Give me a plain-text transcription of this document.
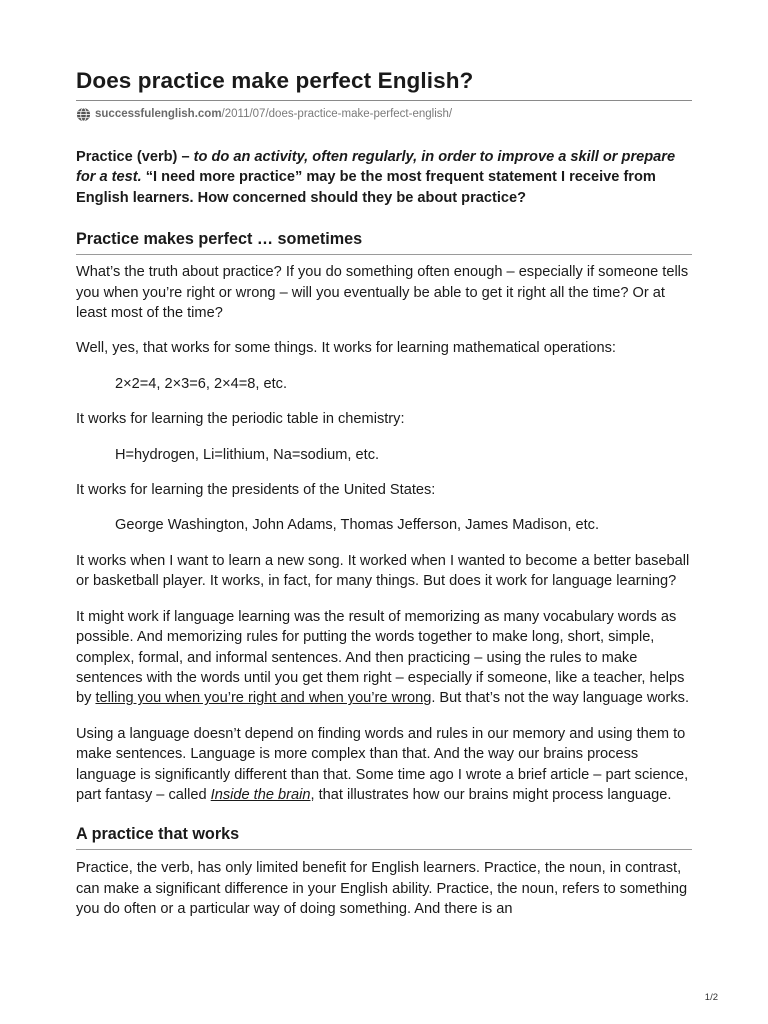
Does practice make perfect English?
successfulenglish.com /2011/07/does-practice-make-perfect-english/

Practice (verb) – to do an activity, often regularly, in order to improve a skill or prepare for a test. “I need more practice” may be the most frequent statement I receive from English learners. How concerned should they be about practice?

Practice makes perfect … sometimes

What’s the truth about practice? If you do something often enough – especially if someone tells you when you’re right or wrong – will you eventually be able to get it right all the time? Or at least most of the time?

Well, yes, that works for some things. It works for learning mathematical operations:

2×2=4, 2×3=6, 2×4=8, etc.

It works for learning the periodic table in chemistry:

H=hydrogen, Li=lithium, Na=sodium, etc.

It works for learning the presidents of the United States:

George Washington, John Adams, Thomas Jefferson, James Madison, etc.

It works when I want to learn a new song. It worked when I wanted to become a better baseball or basketball player. It works, in fact, for many things. But does it work for language learning?

It might work if language learning was the result of memorizing as many vocabulary words as possible. And memorizing rules for putting the words together to make long, short, simple, complex, formal, and informal sentences. And then practicing – using the rules to make sentences with the words until you get them right – especially if someone, like a teacher, helps by telling you when you’re right and when you’re wrong. But that’s not the way language works.

Using a language doesn’t depend on finding words and rules in our memory and using them to make sentences. Language is more complex than that. And the way our brains process language is significantly different than that. Some time ago I wrote a brief article – part science, part fantasy – called Inside the brain, that illustrates how our brains might process language.

A practice that works

Practice, the verb, has only limited benefit for English learners. Practice, the noun, in contrast, can make a significant difference in your English ability. Practice, the noun, refers to something you do often or a particular way of doing something. And there is an

1/2
